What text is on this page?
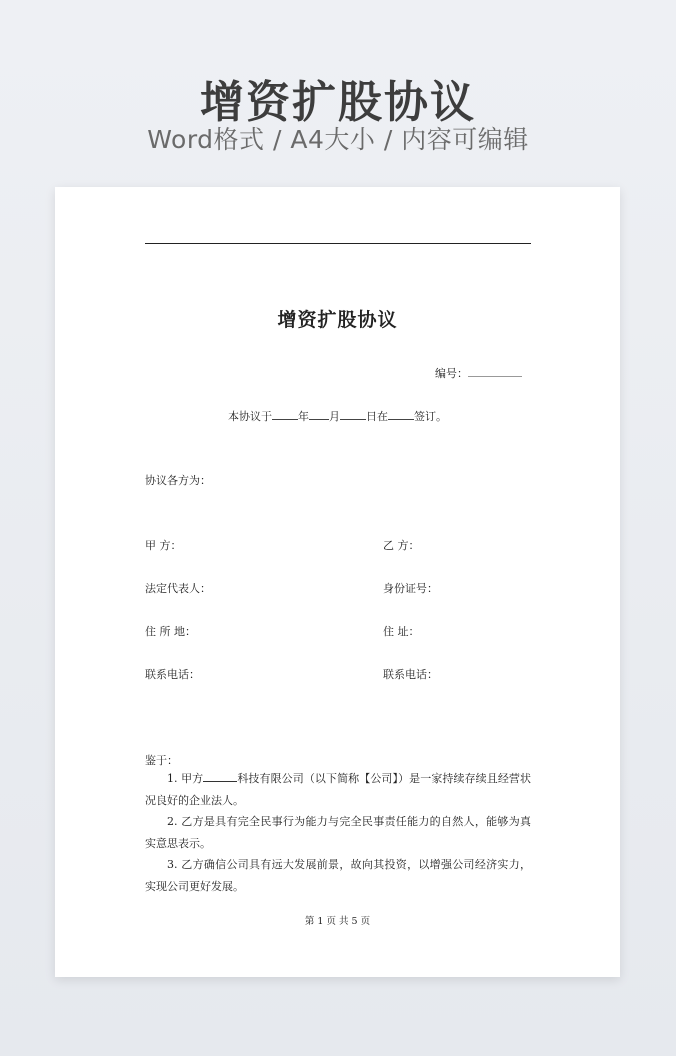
增资扩股协议
Word格式 / A4大小 / 内容可编辑
增资扩股协议
编号：
本协议于 年 月 日在 签订。
协议各方为：
甲 方：	乙 方：
法定代表人：	身份证号：
住 所 地：	住 址：
联系电话：	联系电话：
鉴于：
1. 甲方	科技有限公司（以下简称【公司】）是一家持续存续且经营状况良好的企业法人。
2. 乙方是具有完全民事行为能力与完全民事责任能力的自然人，能够为真实意思表示。
3. 乙方确信公司具有远大发展前景，故向其投资，以增强公司经济实力，实现公司更好发展。
第 1 页 共 5 页
